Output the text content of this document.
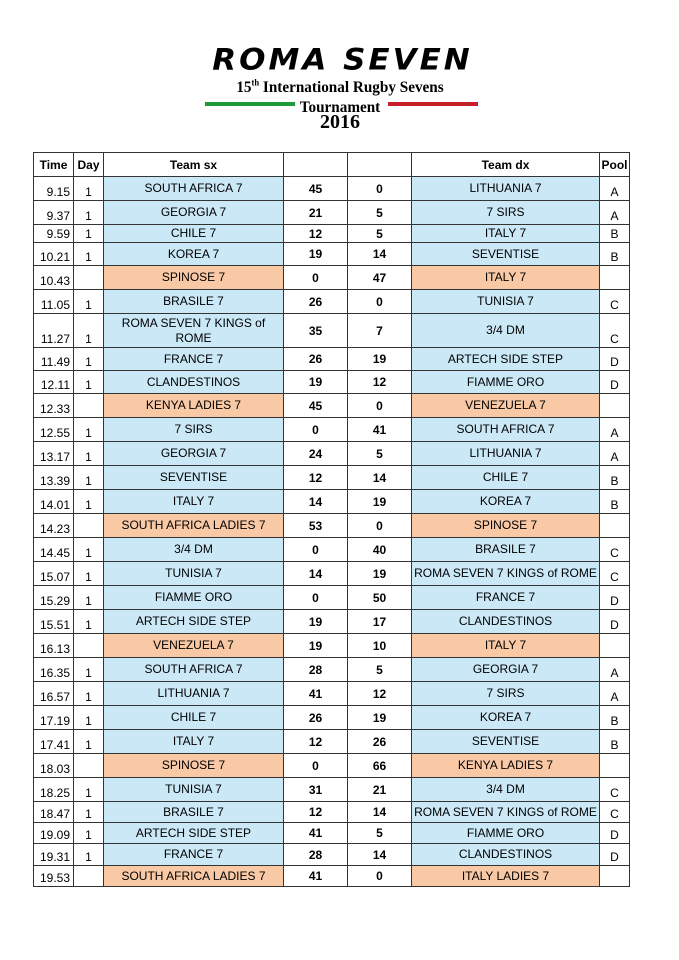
ROMA SEVEN
15th International Rugby Sevens Tournament
2016
Time	Day	Team sx			Team dx	Pool
9.15	1	SOUTH AFRICA 7	45	0	LITHUANIA 7	A
9.37	1	GEORGIA 7	21	5	7 SIRS	A
9.59	1	CHILE 7	12	5	ITALY 7	B
10.21	1	KOREA 7	19	14	SEVENTISE	B
10.43		SPINOSE 7	0	47	ITALY 7	
11.05	1	BRASILE 7	26	0	TUNISIA 7	C
11.27	1	ROMA SEVEN 7 KINGS of ROME	35	7	3/4 DM	C
11.49	1	FRANCE 7	26	19	ARTECH SIDE STEP	D
12.11	1	CLANDESTINOS	19	12	FIAMME ORO	D
12.33		KENYA LADIES 7	45	0	VENEZUELA 7	
12.55	1	7 SIRS	0	41	SOUTH AFRICA 7	A
13.17	1	GEORGIA 7	24	5	LITHUANIA 7	A
13.39	1	SEVENTISE	12	14	CHILE 7	B
14.01	1	ITALY 7	14	19	KOREA 7	B
14.23		SOUTH AFRICA LADIES 7	53	0	SPINOSE 7	
14.45	1	3/4 DM	0	40	BRASILE 7	C
15.07	1	TUNISIA 7	14	19	ROMA SEVEN 7 KINGS of ROME	C
15.29	1	FIAMME ORO	0	50	FRANCE 7	D
15.51	1	ARTECH SIDE STEP	19	17	CLANDESTINOS	D
16.13		VENEZUELA 7	19	10	ITALY 7	
16.35	1	SOUTH AFRICA 7	28	5	GEORGIA 7	A
16.57	1	LITHUANIA 7	41	12	7 SIRS	A
17.19	1	CHILE 7	26	19	KOREA 7	B
17.41	1	ITALY 7	12	26	SEVENTISE	B
18.03		SPINOSE 7	0	66	KENYA LADIES 7	
18.25	1	TUNISIA 7	31	21	3/4 DM	C
18.47	1	BRASILE 7	12	14	ROMA SEVEN 7 KINGS of ROME	C
19.09	1	ARTECH SIDE STEP	41	5	FIAMME ORO	D
19.31	1	FRANCE 7	28	14	CLANDESTINOS	D
19.53		SOUTH AFRICA LADIES 7	41	0	ITALY LADIES 7	
